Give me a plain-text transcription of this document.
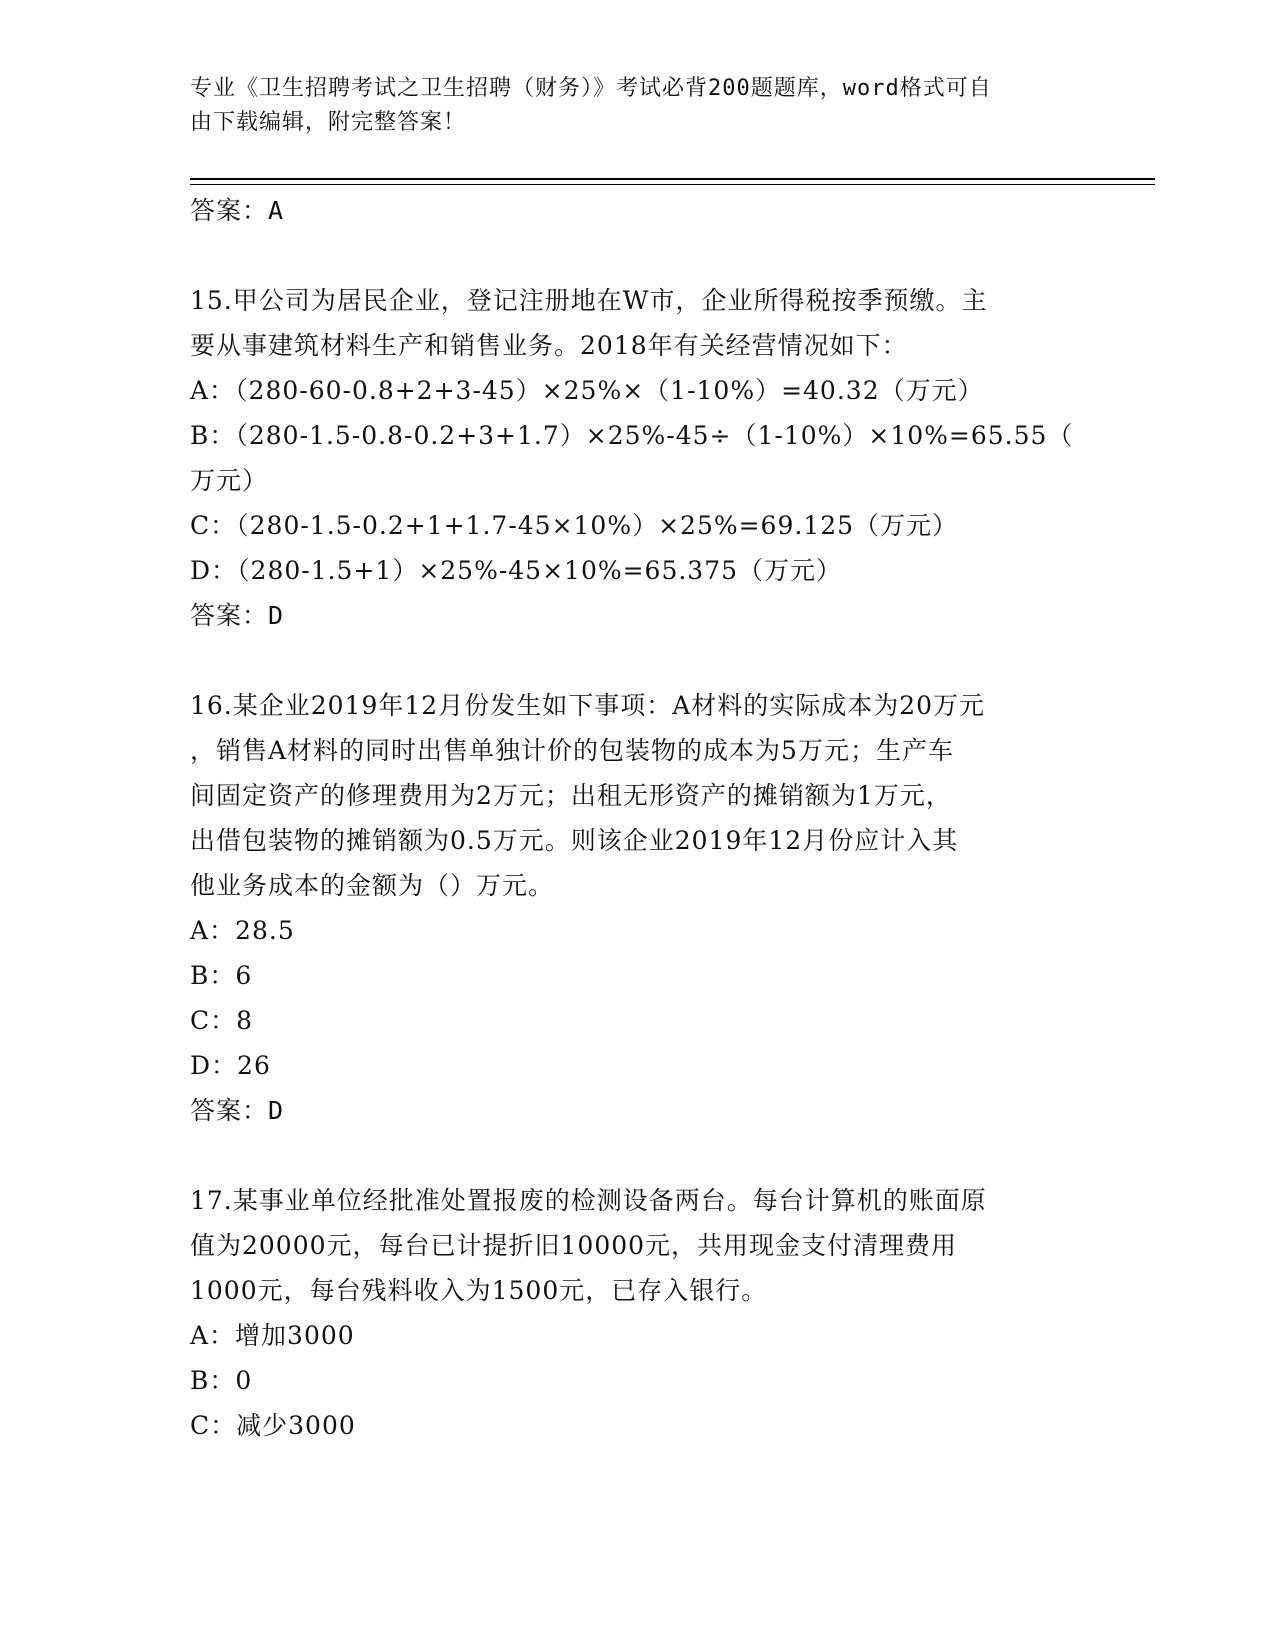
专业《卫生招聘考试之卫生招聘（财务）》考试必背200题题库，word格式可自
由下载编辑，附完整答案！
答案：A
15.甲公司为居民企业，登记注册地在W市，企业所得税按季预缴。主
要从事建筑材料生产和销售业务。2018年有关经营情况如下：
A：（280-60-0.8+2+3-45）×25%×（1-10%）=40.32（万元）
B：（280-1.5-0.8-0.2+3+1.7）×25%-45÷（1-10%）×10%=65.55（
万元）
C：（280-1.5-0.2+1+1.7-45×10%）×25%=69.125（万元）
D：（280-1.5+1）×25%-45×10%=65.375（万元）
答案：D
16.某企业2019年12月份发生如下事项：A材料的实际成本为20万元
，销售A材料的同时出售单独计价的包装物的成本为5万元；生产车
间固定资产的修理费用为2万元；出租无形资产的摊销额为1万元，
出借包装物的摊销额为0.5万元。则该企业2019年12月份应计入其
他业务成本的金额为（）万元。
A：28.5
B：6
C：8
D：26
答案：D
17.某事业单位经批准处置报废的检测设备两台。每台计算机的账面原
值为20000元，每台已计提折旧10000元，共用现金支付清理费用
1000元，每台残料收入为1500元，已存入银行。
A：增加3000
B：0
C：减少3000
